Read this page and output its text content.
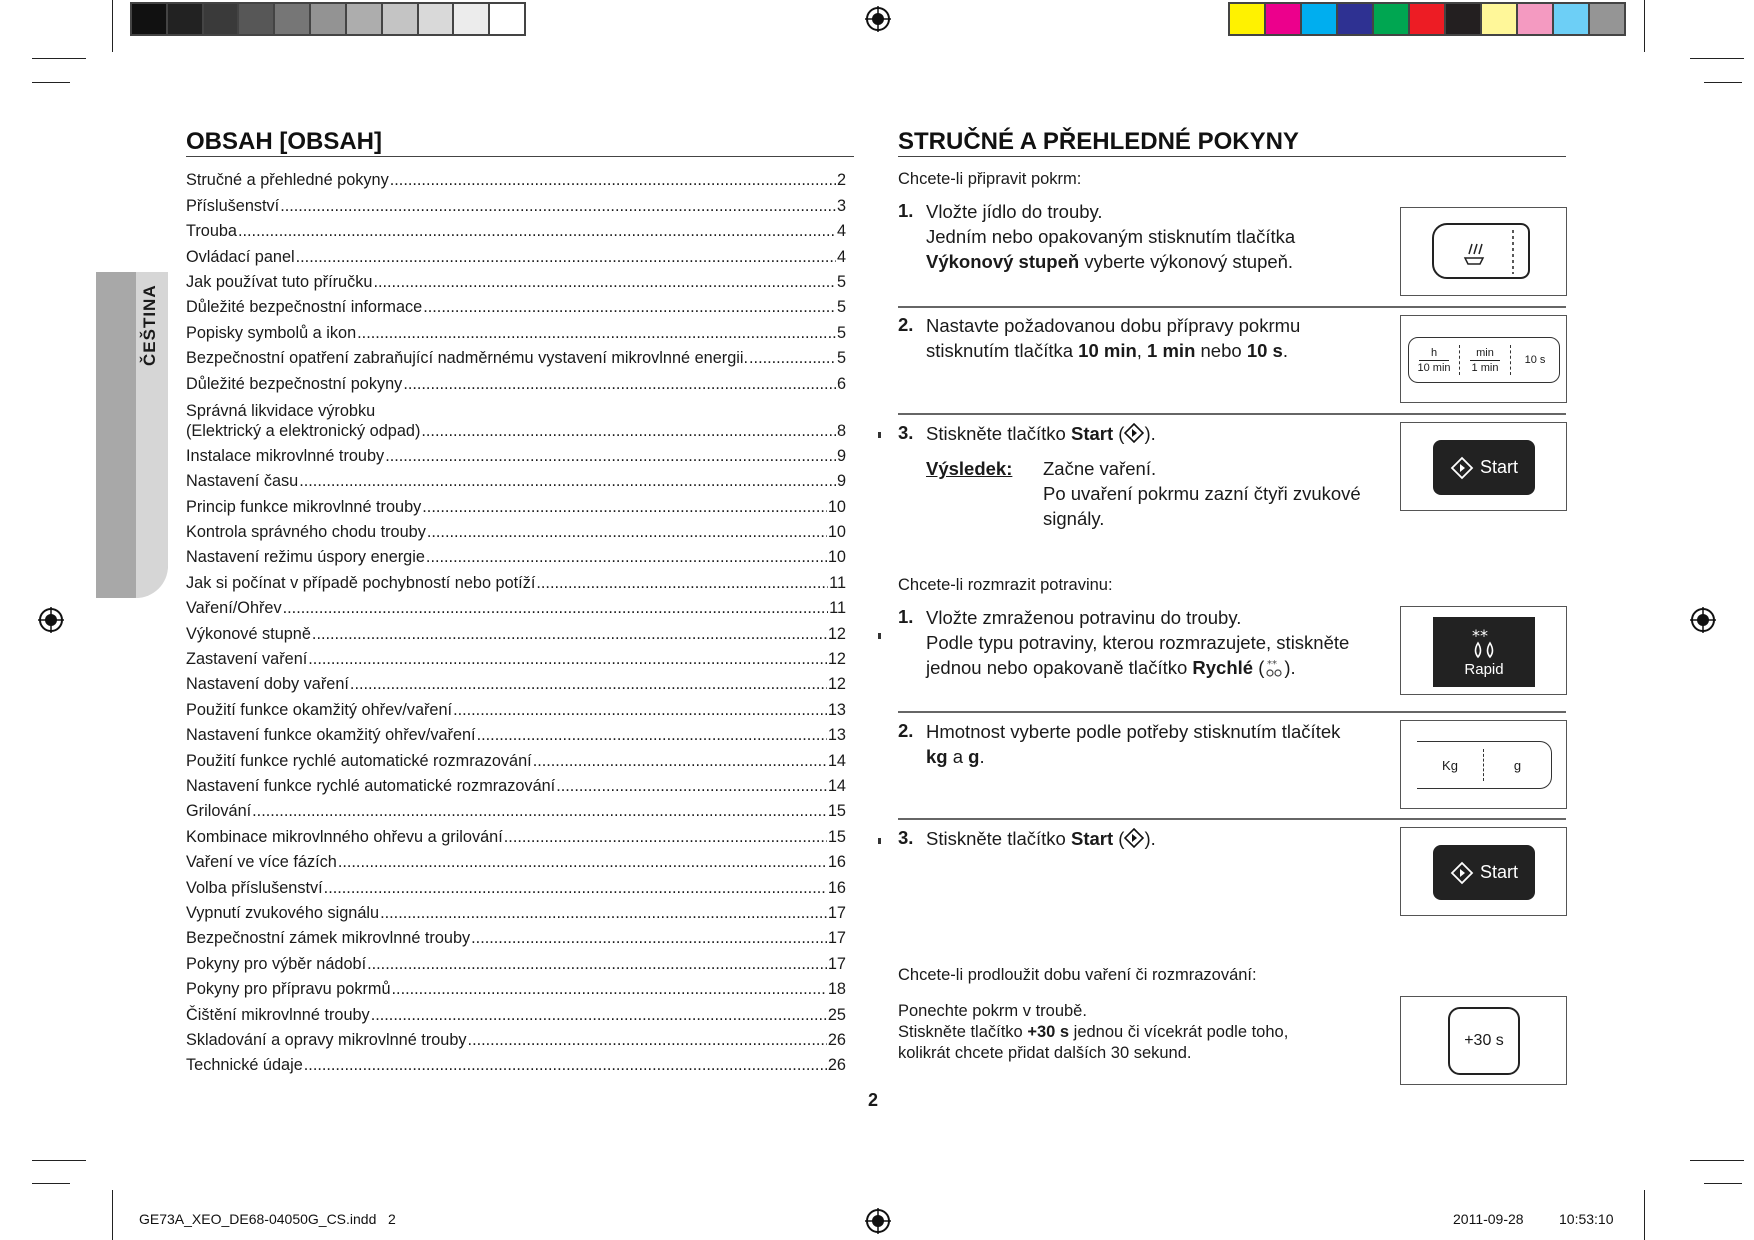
ČEŠTINA
OBSAH [OBSAH]
Stručné a přehledné pokyny .....	2
Příslušenství .....	3
Trouba .....	4
Ovládací panel .....	4
Jak používat tuto příručku .....	5
Důležité bezpečnostní informace .....	5
Popisky symbolů a ikon .....	5
Bezpečnostní opatření zabraňující nadměrnému vystavení mikrovlnné energii. .....	5
Důležité bezpečnostní pokyny .....	6
Správná likvidace výrobku
(Elektrický a elektronický odpad) .....	8
Instalace mikrovlnné trouby .....	9
Nastavení času .....	9
Princip funkce mikrovlnné trouby .....	10
Kontrola správného chodu trouby .....	10
Nastavení režimu úspory energie .....	10
Jak si počínat v případě pochybností nebo potíží .....	11
Vaření/Ohřev .....	11
Výkonové stupně .....	12
Zastavení vaření .....	12
Nastavení doby vaření .....	12
Použití funkce okamžitý ohřev/vaření .....	13
Nastavení funkce okamžitý ohřev/vaření .....	13
Použití funkce rychlé automatické rozmrazování .....	14
Nastavení funkce rychlé automatické rozmrazování .....	14
Grilování .....	15
Kombinace mikrovlnného ohřevu a grilování .....	15
Vaření ve více fázích .....	16
Volba příslušenství .....	16
Vypnutí zvukového signálu .....	17
Bezpečnostní zámek mikrovlnné trouby .....	17
Pokyny pro výběr nádobí .....	17
Pokyny pro přípravu pokrmů .....	18
Čištění mikrovlnné trouby .....	25
Skladování a opravy mikrovlnné trouby .....	26
Technické údaje .....	26
STRUČNÉ A PŘEHLEDNÉ POKYNY
Chcete-li připravit pokrm:
1. Vložte jídlo do trouby.
Jedním nebo opakovaným stisknutím tlačítka
Výkonový stupeň vyberte výkonový stupeň.
2. Nastavte požadovanou dobu přípravy pokrmu
stisknutím tlačítka 10 min, 1 min nebo 10 s.	h
10 min
min
1 min
10 s
3. Stiskněte tlačítko Start ( ).
Výsledek: Začne vaření.
Po uvaření pokrmu zazní čtyři zvukové
signály.
Start
Chcete-li rozmrazit potravinu:
1. Vložte zmraženou potravinu do trouby.
Podle typu potraviny, kterou rozmrazujete, stiskněte
jednou nebo opakovaně tlačítko Rychlé ( ** ).
**
Rapid
2. Hmotnost vyberte podle potřeby stisknutím tlačítek
kg a g.	Kg	g
3. Stiskněte tlačítko Start ( ).
Start
Chcete-li prodloužit dobu vaření či rozmrazování:
Ponechte pokrm v troubě.
Stiskněte tlačítko +30 s jednou či vícekrát podle toho,
kolikrát chcete přidat dalších 30 sekund.
+30 s
2
GE73A_XEO_DE68-04050G_CS.indd   2	2011-09-28	10:53:10
